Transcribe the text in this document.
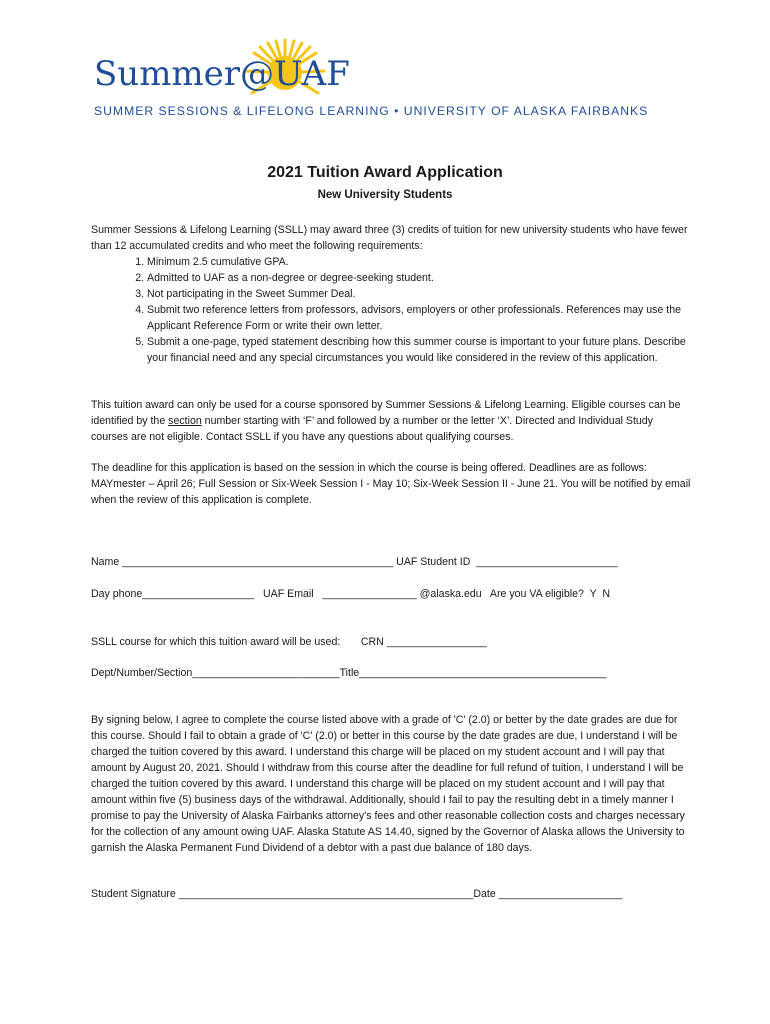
Summer@UAF
SUMMER SESSIONS & LIFELONG LEARNING • UNIVERSITY OF ALASKA FAIRBANKS
2021 Tuition Award Application
New University Students
Summer Sessions & Lifelong Learning (SSLL) may award three (3) credits of tuition for new university students who have fewer than 12 accumulated credits and who meet the following requirements:
1. Minimum 2.5 cumulative GPA.
2. Admitted to UAF as a non-degree or degree-seeking student.
3. Not participating in the Sweet Summer Deal.
4. Submit two reference letters from professors, advisors, employers or other professionals. References may use the Applicant Reference Form or write their own letter.
5. Submit a one-page, typed statement describing how this summer course is important to your future plans. Describe your financial need and any special circumstances you would like considered in the review of this application.
This tuition award can only be used for a course sponsored by Summer Sessions & Lifelong Learning. Eligible courses can be identified by the section number starting with ‘F’ and followed by a number or the letter ‘X’. Directed and Individual Study courses are not eligible. Contact SSLL if you have any questions about qualifying courses.
The deadline for this application is based on the session in which the course is being offered. Deadlines are as follows: MAYmester – April 26; Full Session or Six-Week Session I - May 10; Six-Week Session II - June 21. You will be notified by email when the review of this application is complete.
Name ______________________________________________ UAF Student ID  ________________________
Day phone___________________   UAF Email   ________________ @alaska.edu   Are you VA eligible?  Y  N
SSLL course for which this tuition award will be used:       CRN _________________
Dept/Number/Section_________________________Title__________________________________________
By signing below, I agree to complete the course listed above with a grade of 'C' (2.0) or better by the date grades are due for this course. Should I fail to obtain a grade of 'C' (2.0) or better in this course by the date grades are due, I understand I will be charged the tuition covered by this award. I understand this charge will be placed on my student account and I will pay that amount by August 20, 2021. Should I withdraw from this course after the deadline for full refund of tuition, I understand I will be charged the tuition covered by this award. I understand this charge will be placed on my student account and I will pay that amount within five (5) business days of the withdrawal. Additionally, should I fail to pay the resulting debt in a timely manner I promise to pay the University of Alaska Fairbanks attorney's fees and other reasonable collection costs and charges necessary for the collection of any amount owing UAF. Alaska Statute AS 14.40, signed by the Governor of Alaska allows the University to garnish the Alaska Permanent Fund Dividend of a debtor with a past due balance of 180 days.
Student Signature __________________________________________________Date _____________________
